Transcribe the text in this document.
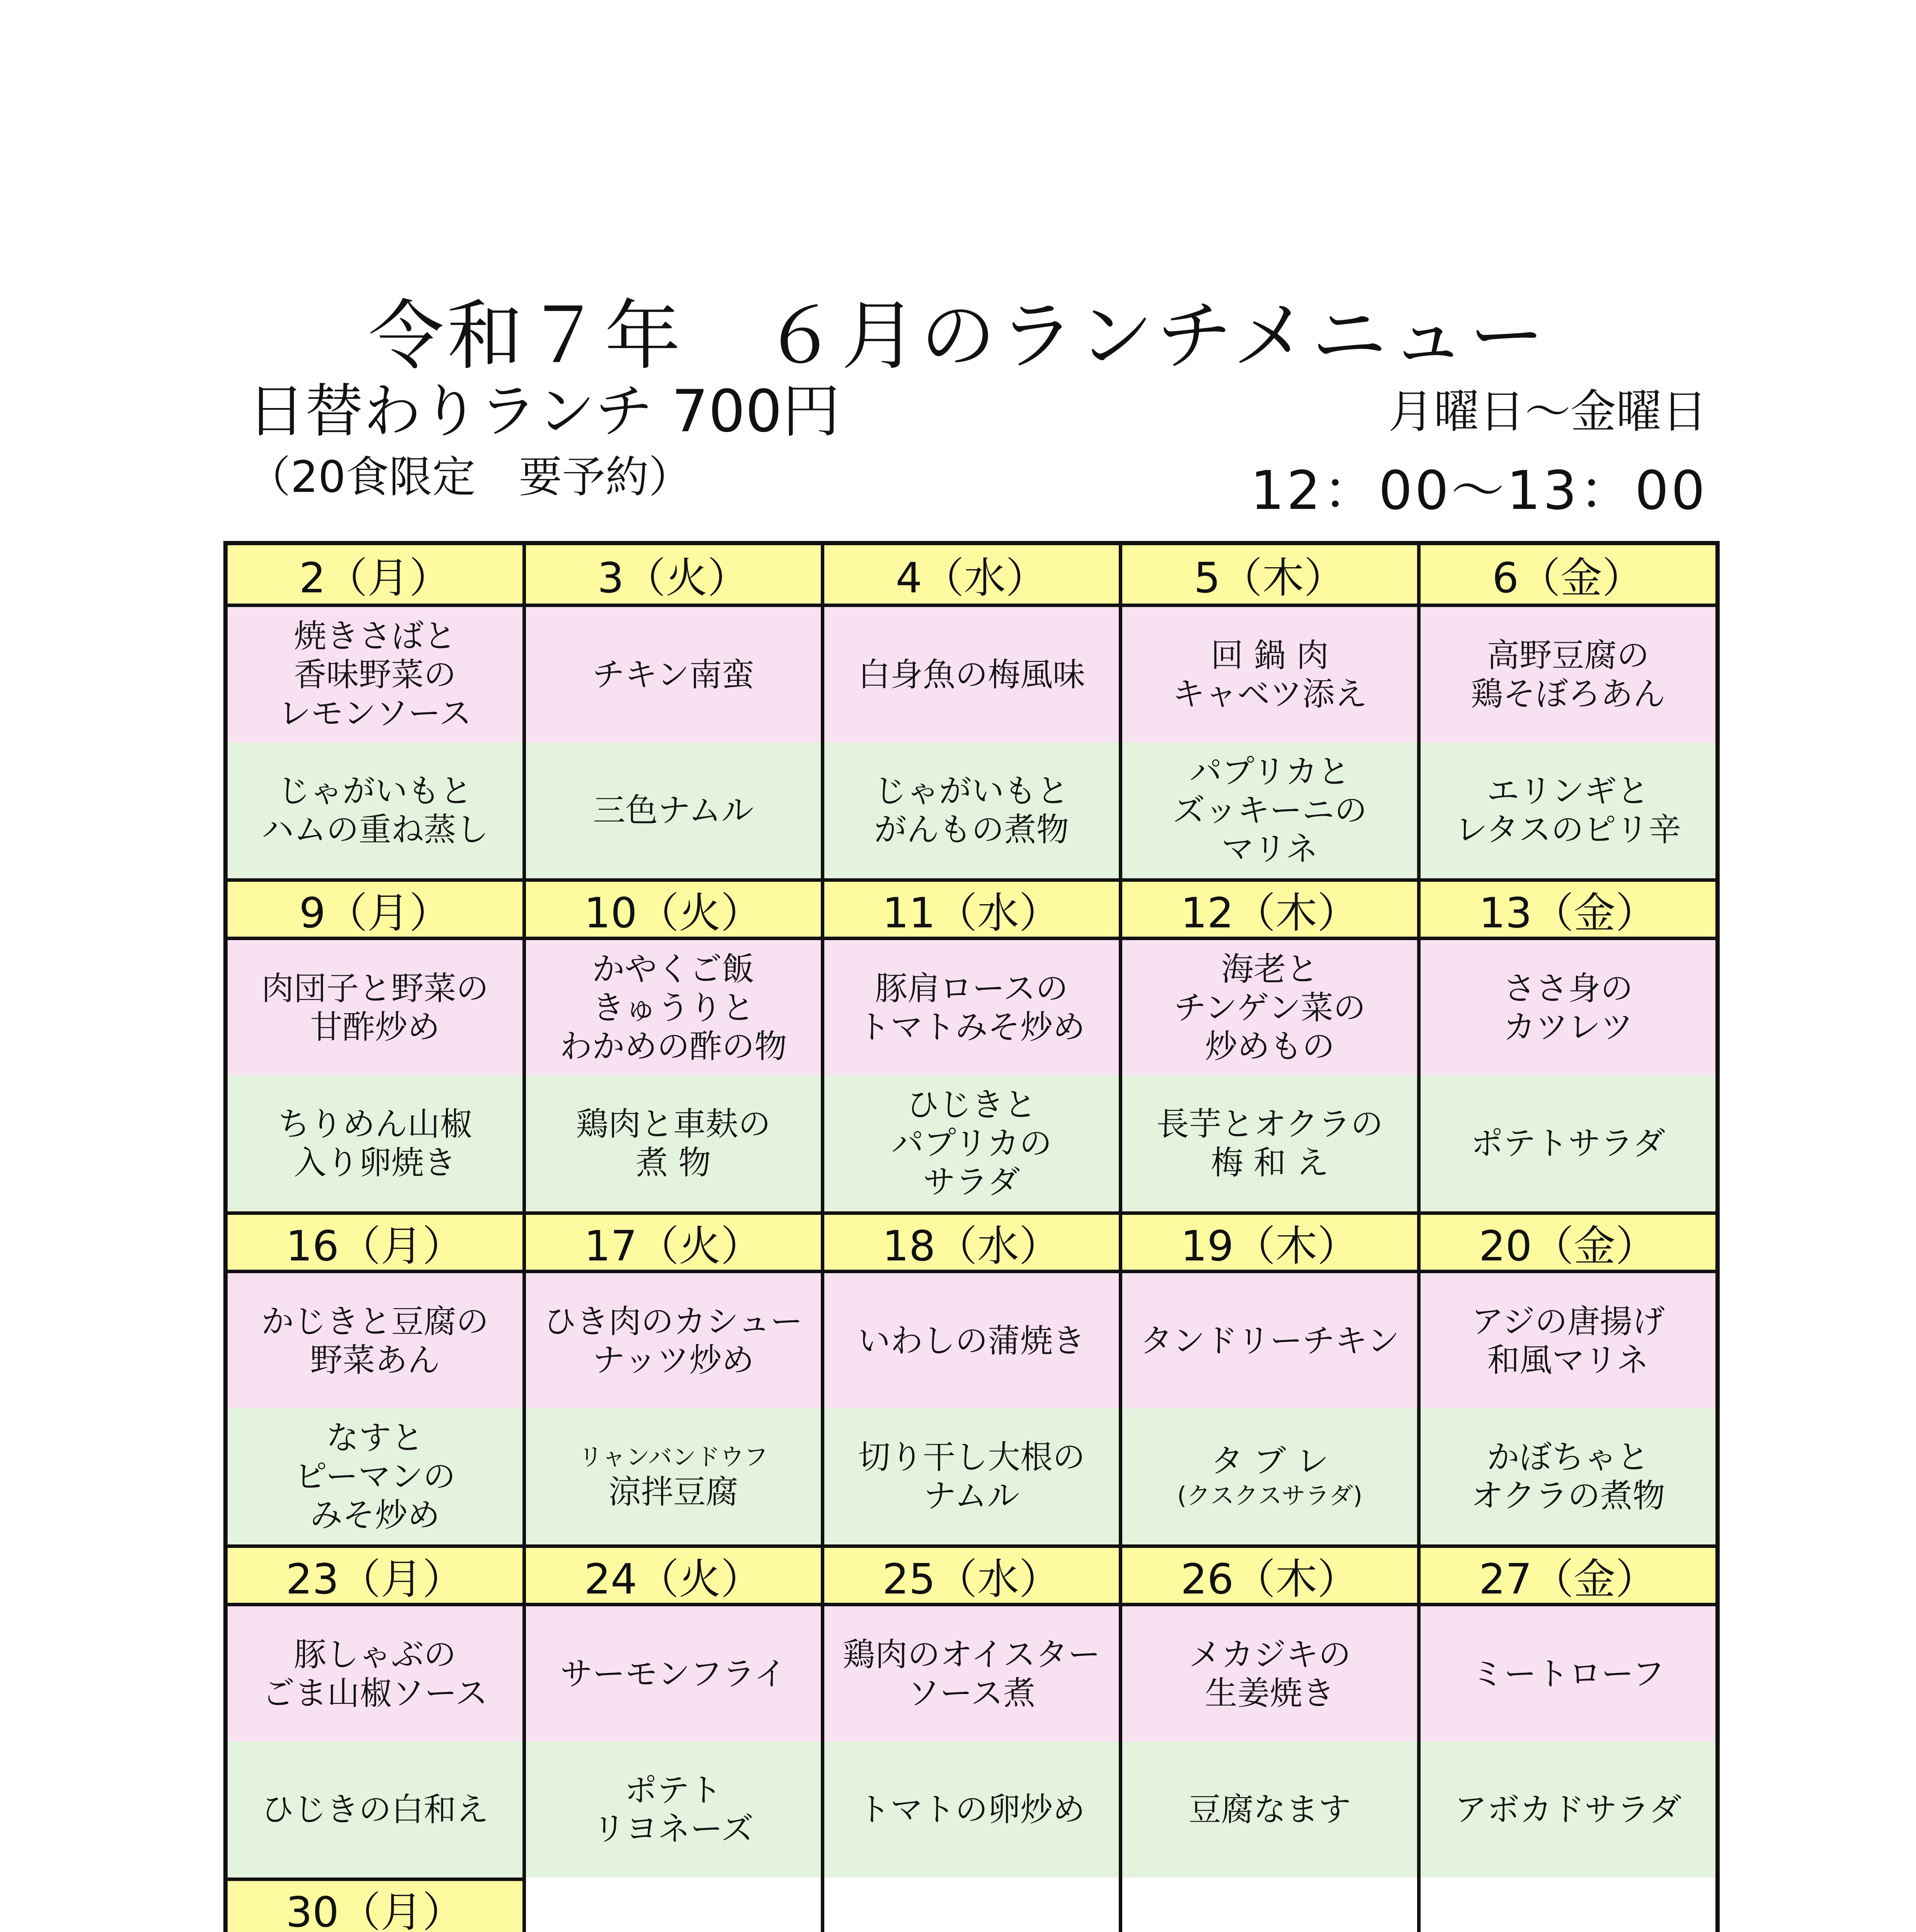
令和７年　６月のランチメニュー
日替わりランチ 700円	月曜日～金曜日
（20食限定　要予約）	12：00～13：00
2（月）
焼きさばと
香味野菜の
レモンソース
じゃがいもと
ハムの重ね蒸し
3（火）
チキン南蛮
三色ナムル
4（水）
白身魚の梅風味
じゃがいもと
がんもの煮物
5（木）
回 鍋 肉
キャベツ添え
パプリカと
ズッキーニの
マリネ
6（金）
高野豆腐の
鶏そぼろあん
エリンギと
レタスのピリ辛
9（月）
肉団子と野菜の
甘酢炒め
ちりめん山椒
入り卵焼き
10（火）
かやくご飯
きゅうりと
わかめの酢の物
鶏肉と車麸の
煮 物
11（水）
豚肩ロースの
トマトみそ炒め
ひじきと
パプリカの
サラダ
12（木）
海老と
チンゲン菜の
炒めもの
長芋とオクラの
梅 和 え
13（金）
ささ身の
カツレツ
ポテトサラダ
16（月）
かじきと豆腐の
野菜あん
なすと
ピーマンの
みそ炒め
17（火）
ひき肉のカシュー
ナッツ炒め
リャンバンドウフ
涼拌豆腐
18（水）
いわしの蒲焼き
切り干し大根の
ナムル
19（木）
タンドリーチキン
タ ブ レ
(クスクスサラダ)
20（金）
アジの唐揚げ
和風マリネ
かぼちゃと
オクラの煮物
23（月）
豚しゃぶの
ごま山椒ソース
ひじきの白和え
24（火）
サーモンフライ
ポテト
リヨネーズ
25（水）
鶏肉のオイスター
ソース煮
トマトの卵炒め
26（木）
メカジキの
生姜焼き
豆腐なます
27（金）
ミートローフ
アボカドサラダ
30（月）
